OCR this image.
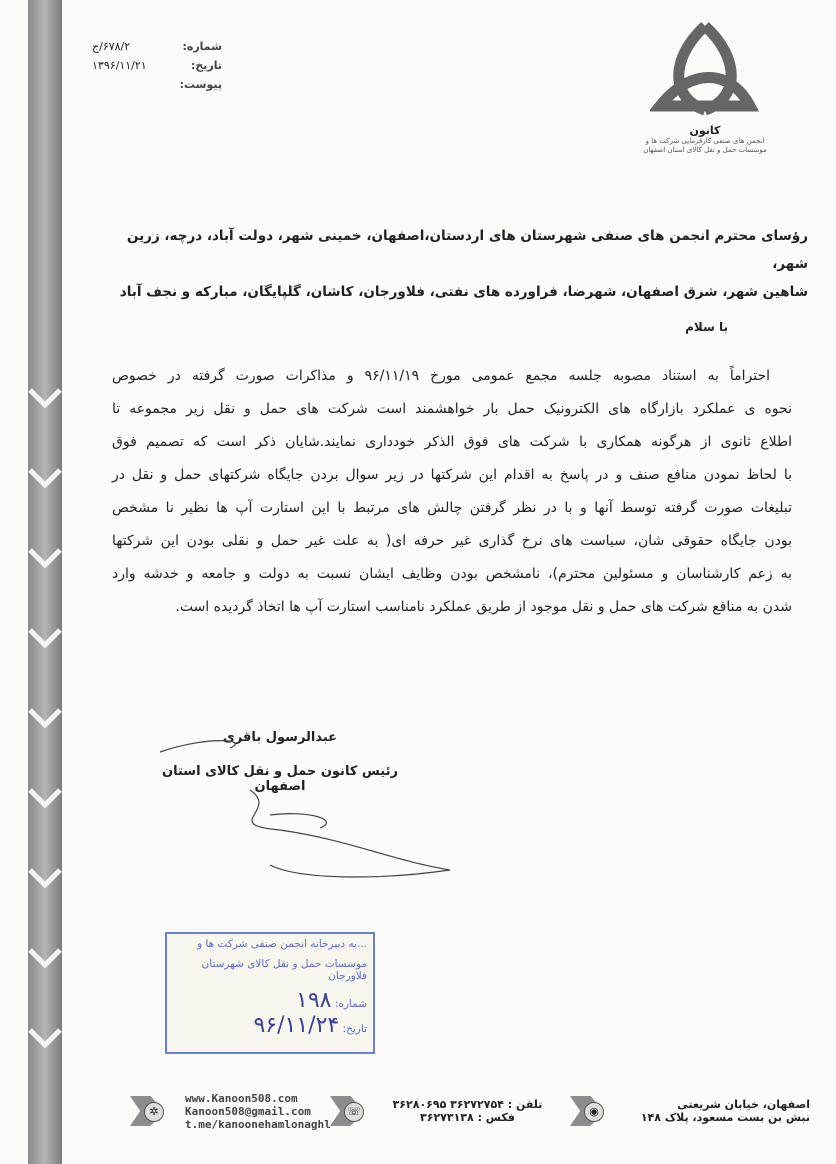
شماره:
۶۷۸/۲/ج
تاریخ:
۱۳۹۶/۱۱/۲۱
پیوست:
کانون
انجمن های صنفی کارفرمایی شرکت ها و
موسسات حمل و نقل کالای استان اصفهان
رؤسای محترم انجمن های صنفی شهرستان های اردستان،اصفهان، خمینی شهر، دولت آباد، درچه، زرین شهر،
شاهین شهر، شرق اصفهان، شهرضا، فراورده های نفتی، فلاورجان، کاشان، گلپایگان، مبارکه و نجف آباد
با سلام
احتراماً به استناد مصوبه جلسه مجمع عمومی مورخ ۹۶/۱۱/۱۹ و مذاکرات صورت گرفته در خصوص
نحوه ی عملکرد بازارگاه های الکترونیک حمل بار خواهشمند است شرکت های حمل و نقل زیر مجموعه تا
اطلاع ثانوی از هرگونه همکاری با شرکت های فوق الذکر خودداری نمایند.شایان ذکر است که تصمیم فوق
با لحاظ نمودن منافع صنف و در پاسخ به اقدام این شرکتها در زیر سوال بردن جایگاه شرکتهای حمل و نقل در
تبلیغات صورت گرفته توسط آنها و با در نظر گرفتن چالش های مرتبط با این استارت آپ ها نظیر نا مشخص
بودن جایگاه حقوقی شان، سیاست های نرخ گذاری غیر حرفه ای( به علت غیر حمل و نقلی بودن این شرکتها
به زعم کارشناسان و مسئولین محترم)، نامشخص بودن وظایف ایشان نسبت به دولت و جامعه و خدشه وارد
شدن به منافع شرکت های حمل و نقل موجود از طریق عملکرد نامناسب استارت آپ ها اتخاذ گردیده است.
عبدالرسول باقری
رئیس کانون حمل و نقل کالای استان اصفهان
...به دبیرخانه انجمن صنفی شرکت ها و
موسسات حمل و نقل کالای شهرستان فلاورجان
شماره: ۱۹۸
تاریخ: ۹۶/۱۱/۲۴
✲
www.Kanoon508.com
Kanoon508@gmail.com
t.me/kanoonehamlonaghl
☏
تلفن : ۳۶۲۷۲۷۵۴ ۳۶۲۸۰۶۹۵
فکس : ۳۶۲۷۳۱۳۸	◉
اصفهان، خیابان شریعتی
نبش بن بست مسعود، پلاک ۱۴۸
